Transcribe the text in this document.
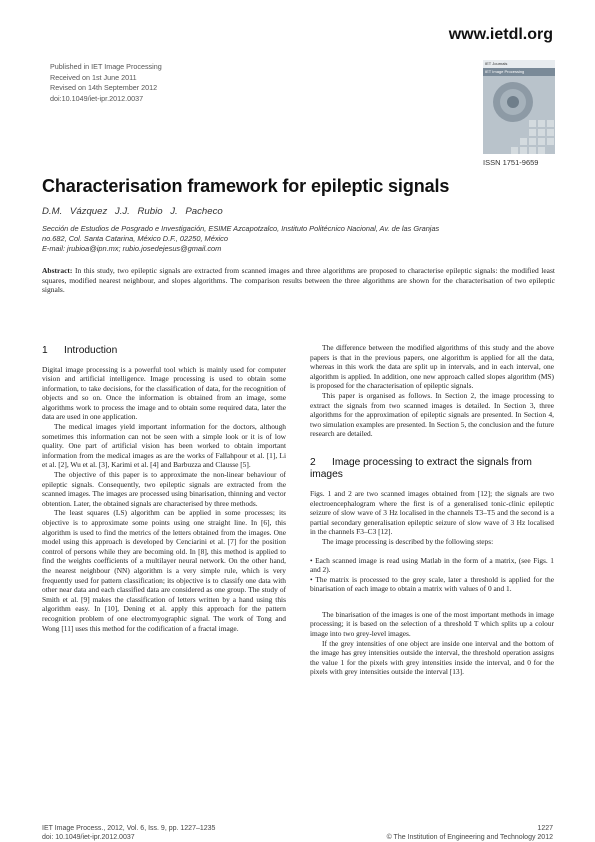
www.ietdl.org
Published in IET Image Processing
Received on 1st June 2011
Revised on 14th September 2012
doi:10.1049/iet-ipr.2012.0037
IET Journals
IET Image Processing
ISSN 1751-9659
Characterisation framework for epileptic signals
D.M. Vázquez J.J. Rubio J. Pacheco
Sección de Estudios de Posgrado e Investigación, ESIME Azcapotzalco, Instituto Politécnico Nacional, Av. de las Granjas
no.682, Col. Santa Catarina, México D.F., 02250, México
E-mail: jrubioa@ipn.mx; rubio.josedejesus@gmail.com
Abstract: In this study, two epileptic signals are extracted from scanned images and three algorithms are proposed to characterise epileptic signals: the modified least squares, modified nearest neighbour, and slopes algorithms. The comparison results between the three algorithms are shown for the characterisation of two epileptic signals.
1 Introduction

Digital image processing is a powerful tool which is mainly used for computer vision and artificial intelligence. Image processing is used to obtain some information, to take decisions, for the classification of data, for the recognition of objects and so on. Once the information is obtained from an image, some algorithms work to process the image and to obtain some required data, later the data are used in one application.

The medical images yield important information for the doctors, although sometimes this information can not be seen with a simple look or it is of low quality. One part of artificial vision has been worked to obtain important information from the medical images as are the works of Fallahpour et al. [1], Li et al. [2], Wu et al. [3], Karimi et al. [4] and Barbuzza and Clausse [5].

The objective of this paper is to approximate the non-linear behaviour of epileptic signals. Consequently, two epileptic signals are extracted from the scanned images. The images are processed using binarisation, thinning and vector obtention. Later, the obtained signals are characterised by three methods.

The least squares (LS) algorithm can be applied in some processes; its objective is to approximate some points using one straight line. In [6], this algorithm is used to find the metrics of the letters obtained from the images. One model using this approach is developed by Cenciarini et al. [7] for the position control of persons while they are becoming old. In [8], this method is applied to find the weights coefficients of a multilayer neural network. On the other hand, the nearest neighbour (NN) algorithm is a very simple rule, which is very frequently used for pattern classification; its objective is to classify one data with other near data and each classified data are considered as one group. The study of Smith et al. [9] makes the classification of letters written by a hand using this algorithm easy. In [10], Dening et al. apply this approach for the pattern recognition problem of one electromyographic signal. The work of Tong and Wong [11] uses this method for the codification of a fractal image.

The difference between the modified algorithms of this study and the above papers is that in the previous papers, one algorithm is applied for all the data, whereas in this work the data are split up in intervals, and in each interval, one algorithm is applied. In addition, one new approach called slopes algorithm (MS) is proposed for the characterisation of epileptic signals.

This paper is organised as follows. In Section 2, the image processing to extract the signals from two scanned images is detailed. In Section 3, three algorithms for the approximation of epileptic signals are presented. In Section 4, two simulation examples are presented. In Section 5, the conclusion and the future research are detailed.

2 Image processing to extract the signals from images

Figs. 1 and 2 are two scanned images obtained from [12]; the signals are two electroencephalogram where the first is of a generalised tonic-clinic epileptic seizure of slow wave of 3 Hz localised in the channels T3–T5 and the second is a partial secondary generalisation epileptic seizure of slow wave of 3 Hz localised in the channels F3–C3 [12].

The image processing is described by the following steps:

• Each scanned image is read using Matlab in the form of a matrix, (see Figs. 1 and 2).
• The matrix is processed to the grey scale, later a threshold is applied for the binarisation of each image to obtain a matrix with values of 0 and 1.

The binarisation of the images is one of the most important methods in image processing; it is based on the selection of a threshold T which splits up a colour image into two grey-level images.

If the grey intensities of one object are inside one interval and the bottom of the image has grey intensities outside the interval, the threshold operation assigns the value 1 for the pixels with grey intensities inside the interval, and 0 for the pixels with grey intensities outside the interval [13].

IET Image Process., 2012, Vol. 6, Iss. 9, pp. 1227–1235
doi: 10.1049/iet-ipr.2012.0037
1227
© The Institution of Engineering and Technology 2012
